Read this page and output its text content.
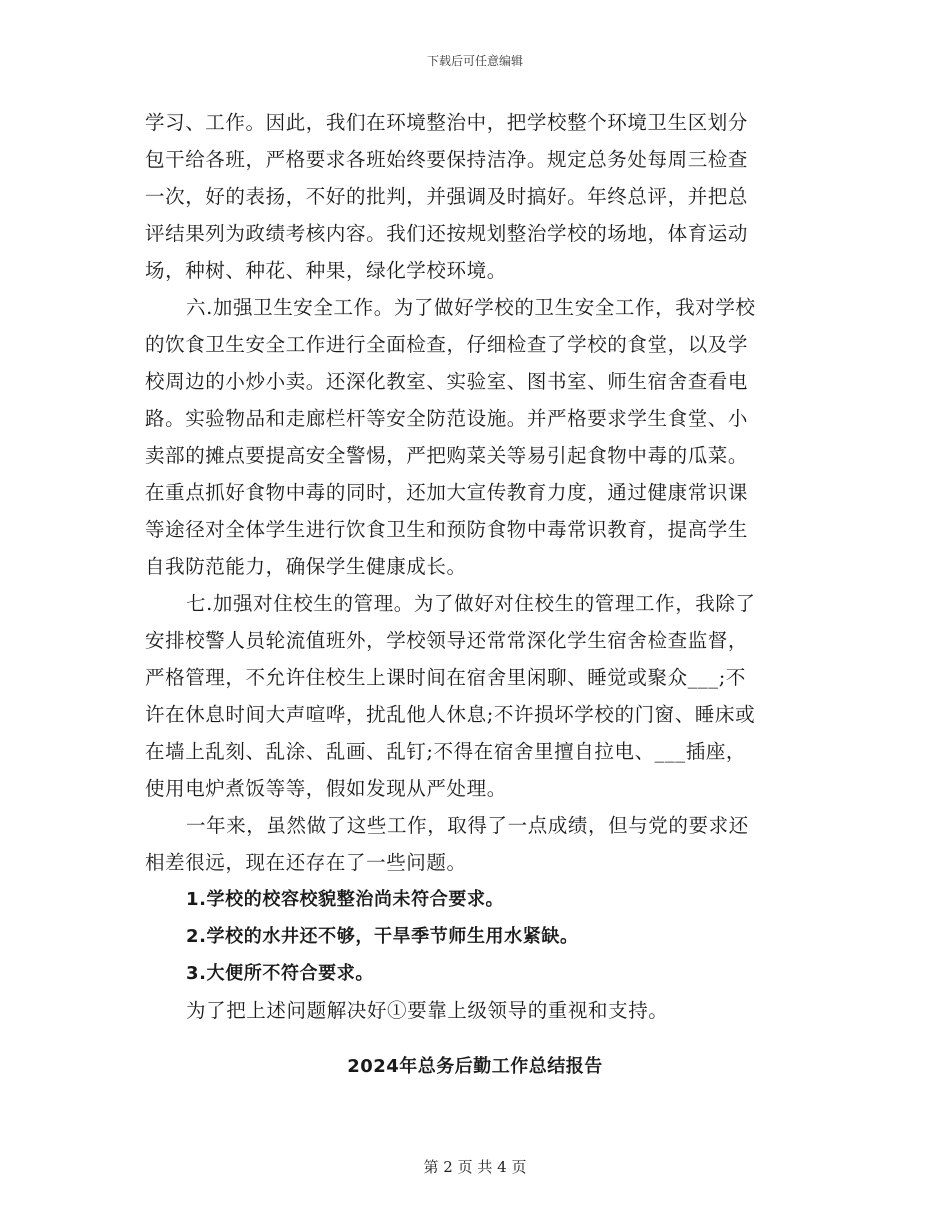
下载后可任意编辑

学习、工作。因此，我们在环境整治中，把学校整个环境卫生区划分
包干给各班，严格要求各班始终要保持洁净。规定总务处每周三检查
一次，好的表扬，不好的批判，并强调及时搞好。年终总评，并把总
评结果列为政绩考核内容。我们还按规划整治学校的场地，体育运动
场，种树、种花、种果，绿化学校环境。

六.加强卫生安全工作。为了做好学校的卫生安全工作，我对学校
的饮食卫生安全工作进行全面检查，仔细检查了学校的食堂，以及学
校周边的小炒小卖。还深化教室、实验室、图书室、师生宿舍查看电
路。实验物品和走廊栏杆等安全防范设施。并严格要求学生食堂、小
卖部的摊点要提高安全警惕，严把购菜关等易引起食物中毒的瓜菜。
在重点抓好食物中毒的同时，还加大宣传教育力度，通过健康常识课
等途径对全体学生进行饮食卫生和预防食物中毒常识教育，提高学生
自我防范能力，确保学生健康成长。

七.加强对住校生的管理。为了做好对住校生的管理工作，我除了
安排校警人员轮流值班外，学校领导还常常深化学生宿舍检查监督，
严格管理，不允许住校生上课时间在宿舍里闲聊、睡觉或聚众___;不
许在休息时间大声喧哗，扰乱他人休息;不许损坏学校的门窗、睡床或
在墙上乱刻、乱涂、乱画、乱钉;不得在宿舍里擅自拉电、___插座，
使用电炉煮饭等等，假如发现从严处理。

一年来，虽然做了这些工作，取得了一点成绩，但与党的要求还
相差很远，现在还存在了一些问题。

1.学校的校容校貌整治尚未符合要求。
2.学校的水井还不够，干旱季节师生用水紧缺。
3.大便所不符合要求。

为了把上述问题解决好①要靠上级领导的重视和支持。

2024年总务后勤工作总结报告
第 2 页 共 4 页
